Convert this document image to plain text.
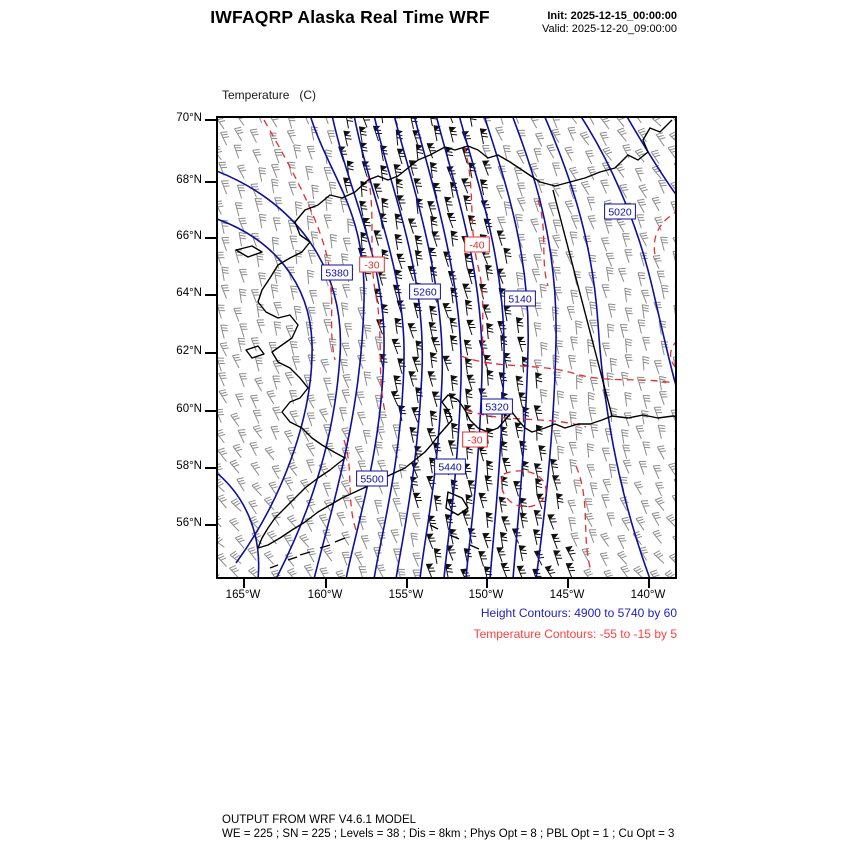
IWFAQRP Alaska Real Time WRF	Init: 2025-12-15_00:00:00
Valid: 2025-12-20_09:00:00

Temperature   (C)

5380
5260
5140
5020
5320
5440
5500
-30
-40
-30
Height Contours: 4900 to 5740 by 60
Temperature Contours: -55 to -15 by 5
OUTPUT FROM WRF V4.6.1 MODEL
WE = 225 ; SN = 225 ; Levels = 38 ; Dis = 8km ; Phys Opt = 8 ; PBL Opt = 1 ; Cu Opt = 3
70°N
68°N
66°N
64°N
62°N
60°N
58°N
56°N
165°W	160°W	155°W	150°W	145°W	140°W
